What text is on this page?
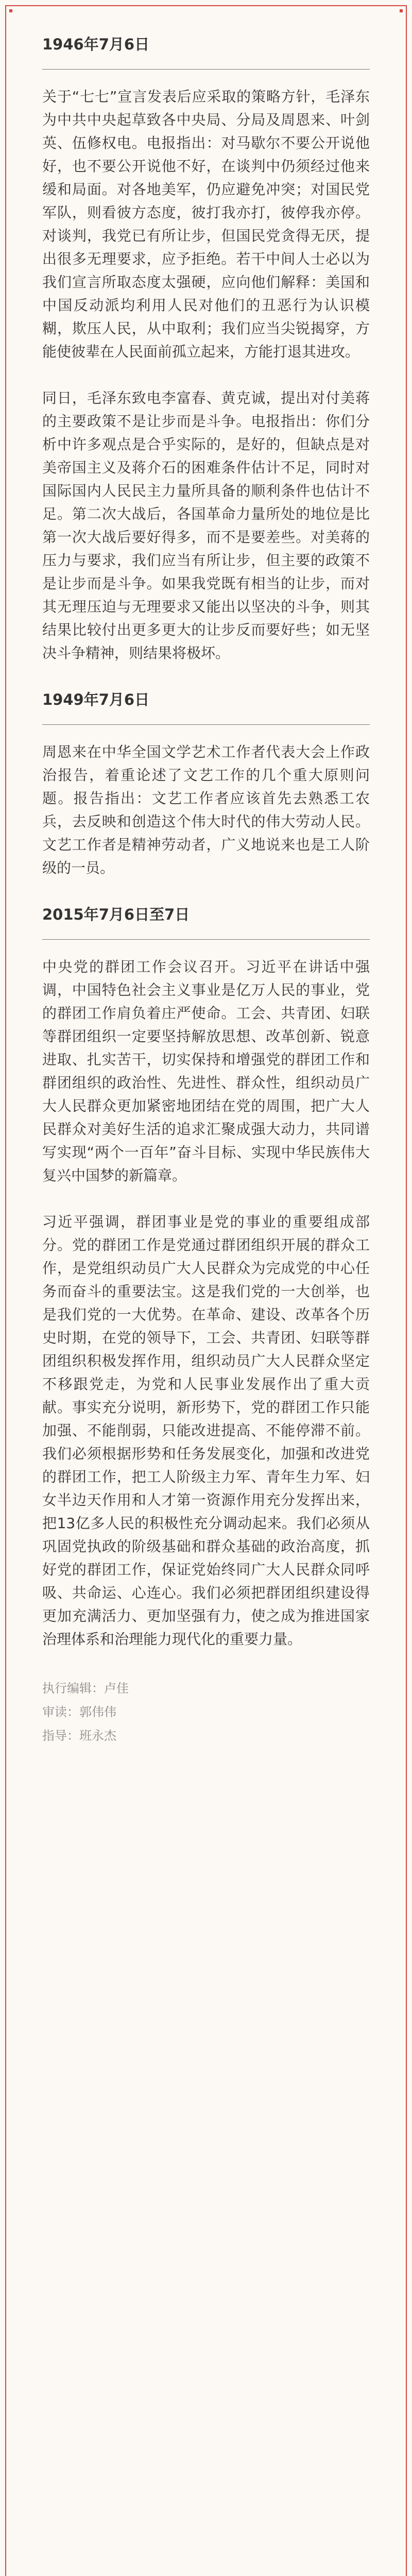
1946年7月6日

关于“七七”宣言发表后应采取的策略方针，毛泽东为中共中央起草致各中央局、分局及周恩来、叶剑英、伍修权电。电报指出：对马歇尔不要公开说他好，也不要公开说他不好，在谈判中仍须经过他来缓和局面。对各地美军，仍应避免冲突；对国民党军队，则看彼方态度，彼打我亦打，彼停我亦停。对谈判，我党已有所让步，但国民党贪得无厌，提出很多无理要求，应予拒绝。若干中间人士必以为我们宣言所取态度太强硬，应向他们解释：美国和中国反动派均利用人民对他们的丑恶行为认识模糊，欺压人民，从中取利；我们应当尖锐揭穿，方能使彼辈在人民面前孤立起来，方能打退其进攻。

同日，毛泽东致电李富春、黄克诚，提出对付美蒋的主要政策不是让步而是斗争。电报指出：你们分析中许多观点是合乎实际的，是好的，但缺点是对美帝国主义及蒋介石的困难条件估计不足，同时对国际国内人民民主力量所具备的顺利条件也估计不足。第二次大战后，各国革命力量所处的地位是比第一次大战后要好得多，而不是要差些。对美蒋的压力与要求，我们应当有所让步，但主要的政策不是让步而是斗争。如果我党既有相当的让步，而对其无理压迫与无理要求又能出以坚决的斗争，则其结果比较付出更多更大的让步反而要好些；如无坚决斗争精神，则结果将极坏。

1949年7月6日

周恩来在中华全国文学艺术工作者代表大会上作政治报告，着重论述了文艺工作的几个重大原则问题。报告指出：文艺工作者应该首先去熟悉工农兵，去反映和创造这个伟大时代的伟大劳动人民。文艺工作者是精神劳动者，广义地说来也是工人阶级的一员。

2015年7月6日至7日

中央党的群团工作会议召开。习近平在讲话中强调，中国特色社会主义事业是亿万人民的事业，党的群团工作肩负着庄严使命。工会、共青团、妇联等群团组织一定要坚持解放思想、改革创新、锐意进取、扎实苦干，切实保持和增强党的群团工作和群团组织的政治性、先进性、群众性，组织动员广大人民群众更加紧密地团结在党的周围，把广大人民群众对美好生活的追求汇聚成强大动力，共同谱写实现“两个一百年”奋斗目标、实现中华民族伟大复兴中国梦的新篇章。

习近平强调，群团事业是党的事业的重要组成部分。党的群团工作是党通过群团组织开展的群众工作，是党组织动员广大人民群众为完成党的中心任务而奋斗的重要法宝。这是我们党的一大创举，也是我们党的一大优势。在革命、建设、改革各个历史时期，在党的领导下，工会、共青团、妇联等群团组织积极发挥作用，组织动员广大人民群众坚定不移跟党走，为党和人民事业发展作出了重大贡献。事实充分说明，新形势下，党的群团工作只能加强、不能削弱，只能改进提高、不能停滞不前。我们必须根据形势和任务发展变化，加强和改进党的群团工作，把工人阶级主力军、青年生力军、妇女半边天作用和人才第一资源作用充分发挥出来，把13亿多人民的积极性充分调动起来。我们必须从巩固党执政的阶级基础和群众基础的政治高度，抓好党的群团工作，保证党始终同广大人民群众同呼吸、共命运、心连心。我们必须把群团组织建设得更加充满活力、更加坚强有力，使之成为推进国家治理体系和治理能力现代化的重要力量。

执行编辑：卢佳

审读：郭伟伟

指导：班永杰
